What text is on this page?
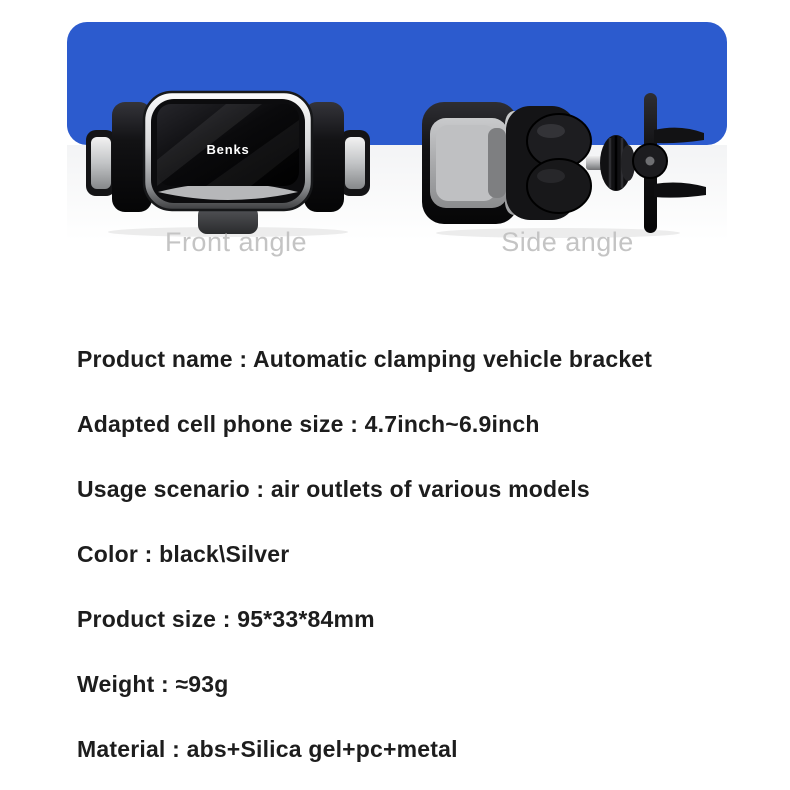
Benks
Front angle	Side angle
Product name : Automatic clamping vehicle bracket
Adapted cell phone size : 4.7inch~6.9inch
Usage scenario : air outlets of various models
Color : black\Silver
Product size : 95*33*84mm
Weight : ≈93g
Material : abs+Silica gel+pc+metal
